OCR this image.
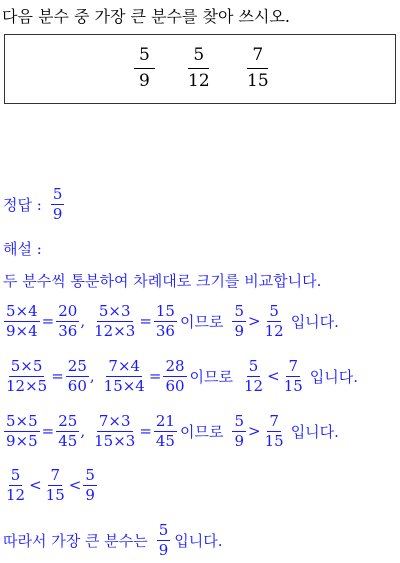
다음 분수 중 가장 큰 분수를 찾아 쓰시오.
$\frac{5}{9} \frac{5}{12} \frac{7}{15}$
정답 : $\frac{5}{9}$
해설 :
두 분수씩 통분하여 차례대로 크기를 비교합니다.
$\frac{5\times 4}{9\times 4} = \frac{20}{36}$ , $\frac{5\times 3}{12\times 3} = \frac{15}{36}$ 이므로 $\frac{5}{9} > \frac{5}{12}$ 입니다.
$\frac{5\times 5}{12\times 5} = \frac{25}{60}$ , $\frac{7\times 4}{15\times 4} = \frac{28}{60}$ 이므로 $\frac{5}{12} < \frac{7}{15}$ 입니다.
$\frac{5\times 5}{9\times 5} = \frac{25}{45}$ , $\frac{7\times 3}{15\times 3} = \frac{21}{45}$ 이므로 $\frac{5}{9} > \frac{7}{15}$ 입니다.
$\frac{5}{12} < \frac{7}{15} < \frac{5}{9}$
따라서 가장 큰 분수는 $\frac{5}{9}$ 입니다.
